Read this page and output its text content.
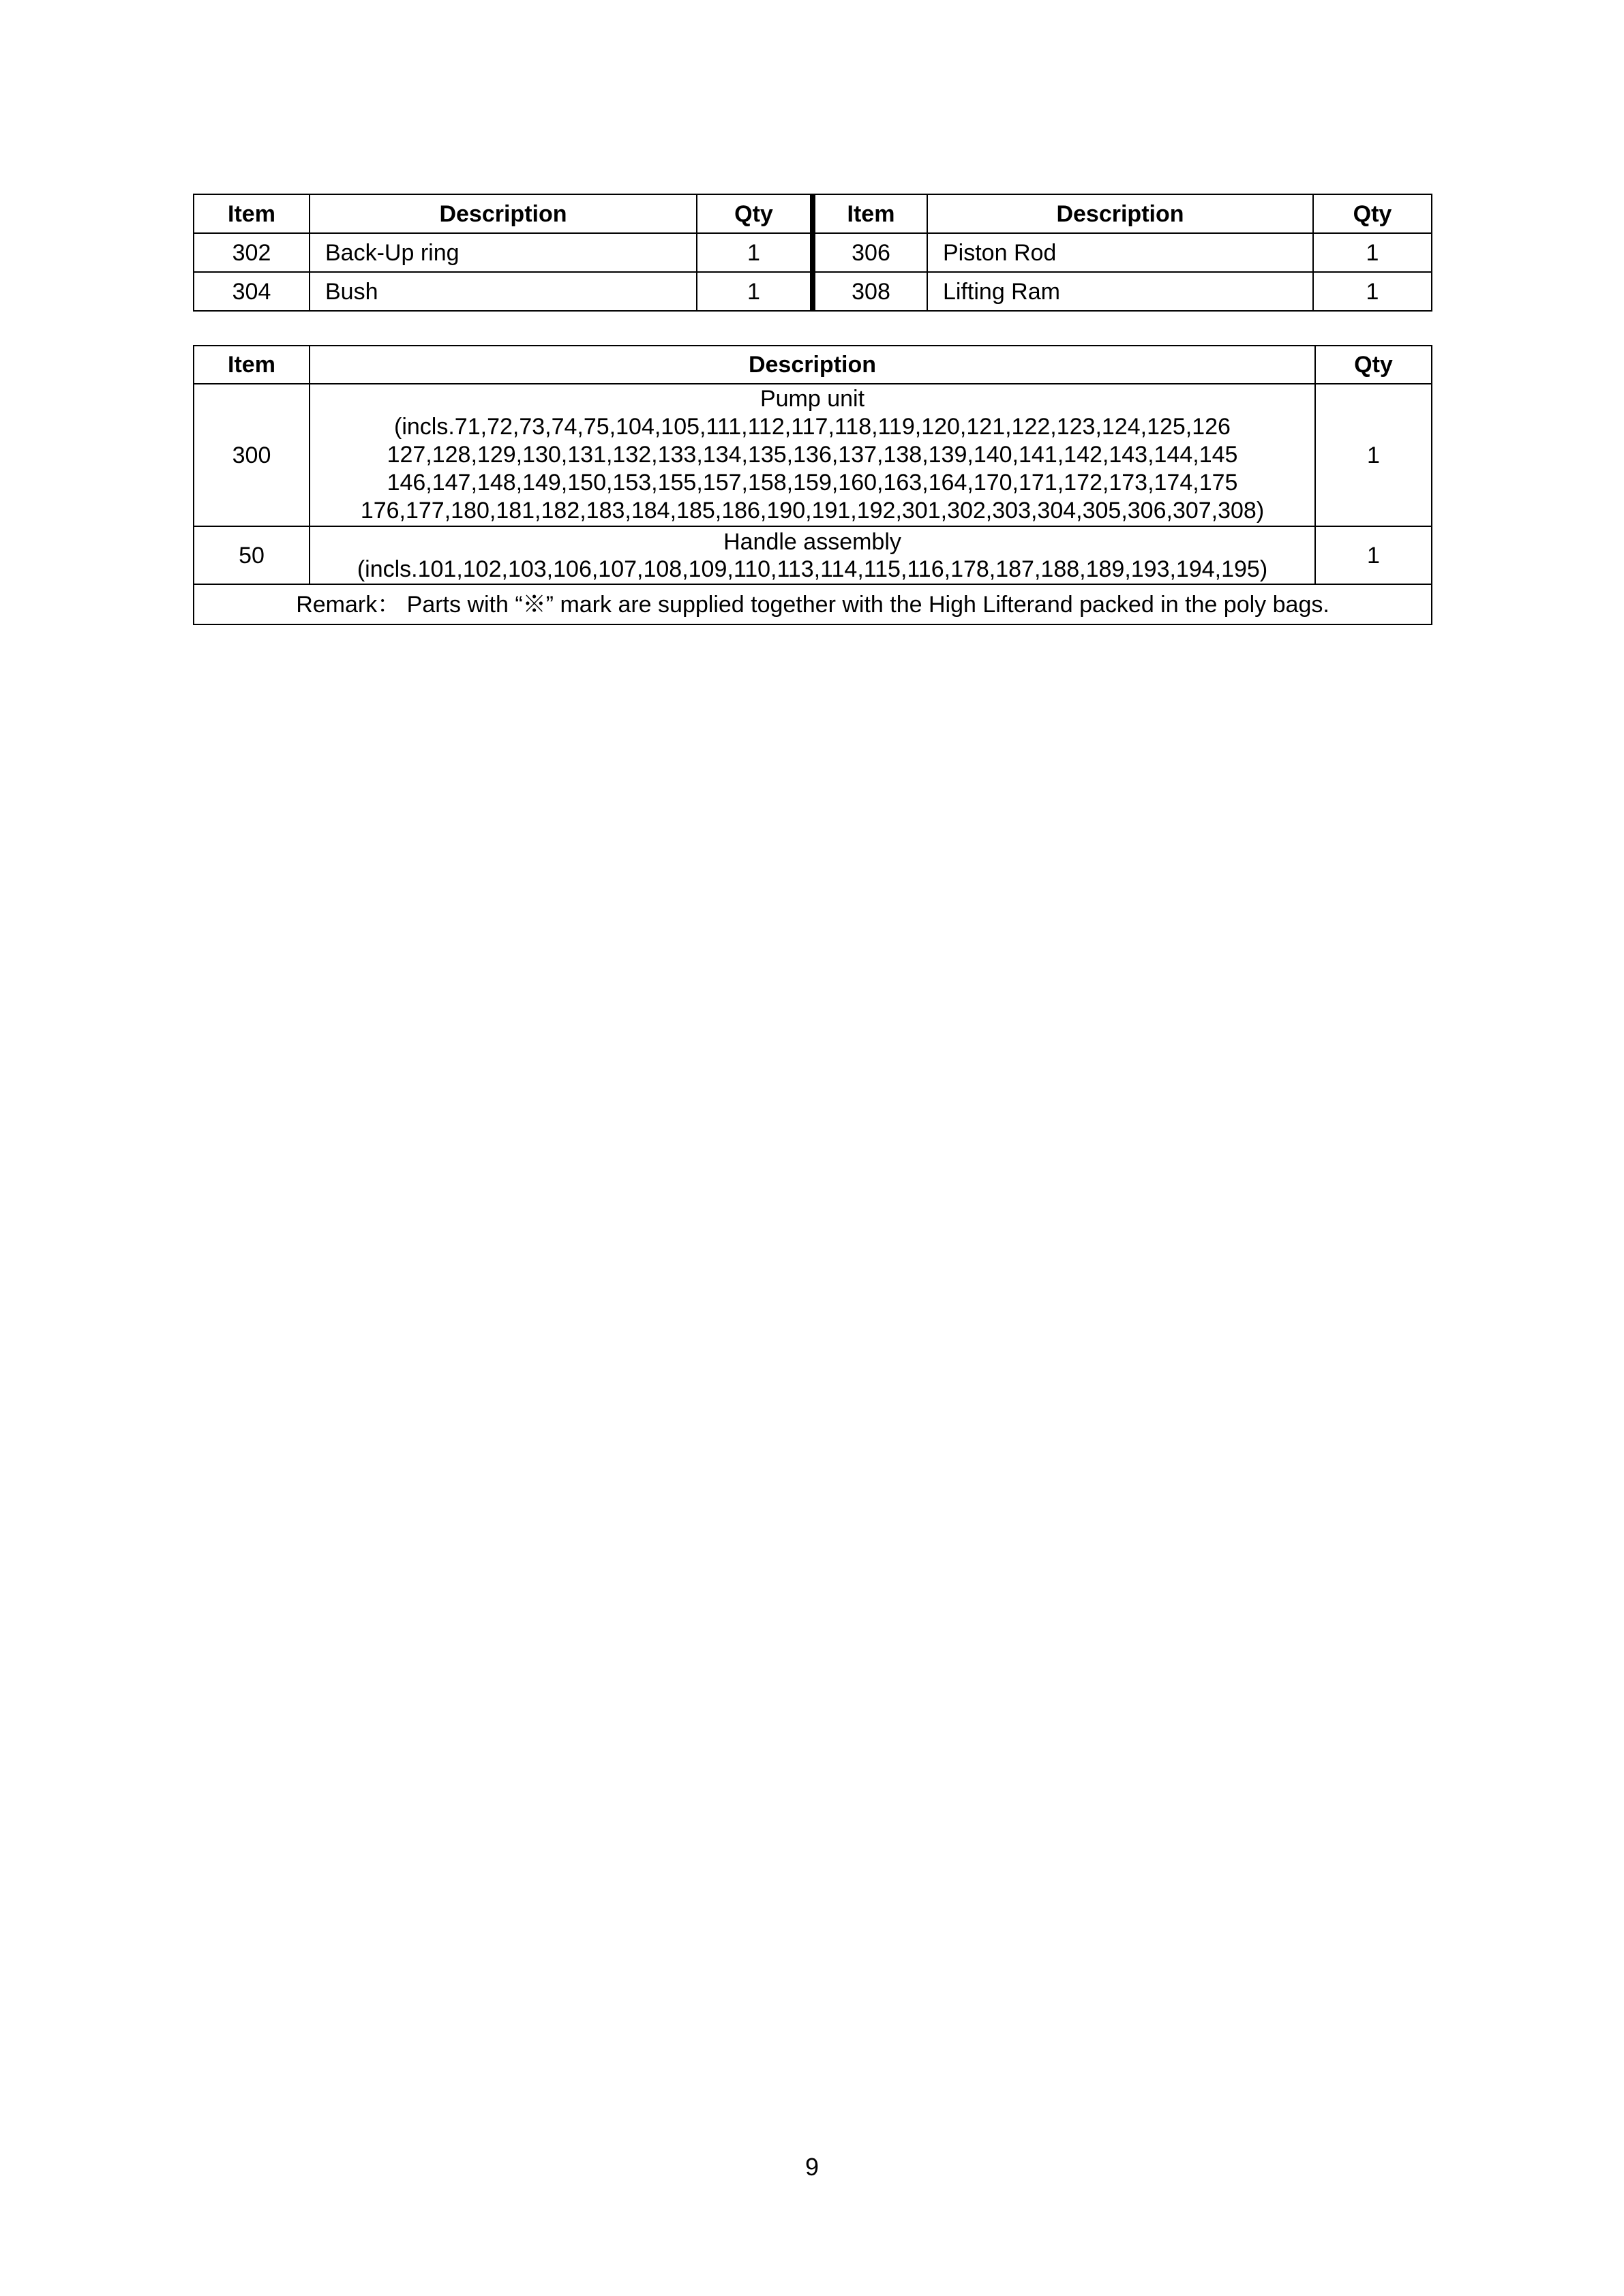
Item	Description	Qty	Item	Description	Qty
302	Back-Up ring	1	306	Piston Rod	1
304	Bush	1	308	Lifting Ram	1
Item	Description	Qty
300	Pump unit
(incls.71,72,73,74,75,104,105,111,112,117,118,119,120,121,122,123,124,125,126
127,128,129,130,131,132,133,134,135,136,137,138,139,140,141,142,143,144,145
146,147,148,149,150,153,155,157,158,159,160,163,164,170,171,172,173,174,175
176,177,180,181,182,183,184,185,186,190,191,192,301,302,303,304,305,306,307,308)	1
50	Handle assembly
(incls.101,102,103,106,107,108,109,110,113,114,115,116,178,187,188,189,193,194,195)	1
Remark： Parts with “※” mark are supplied together with the High Lifterand packed in the poly bags.		
9
